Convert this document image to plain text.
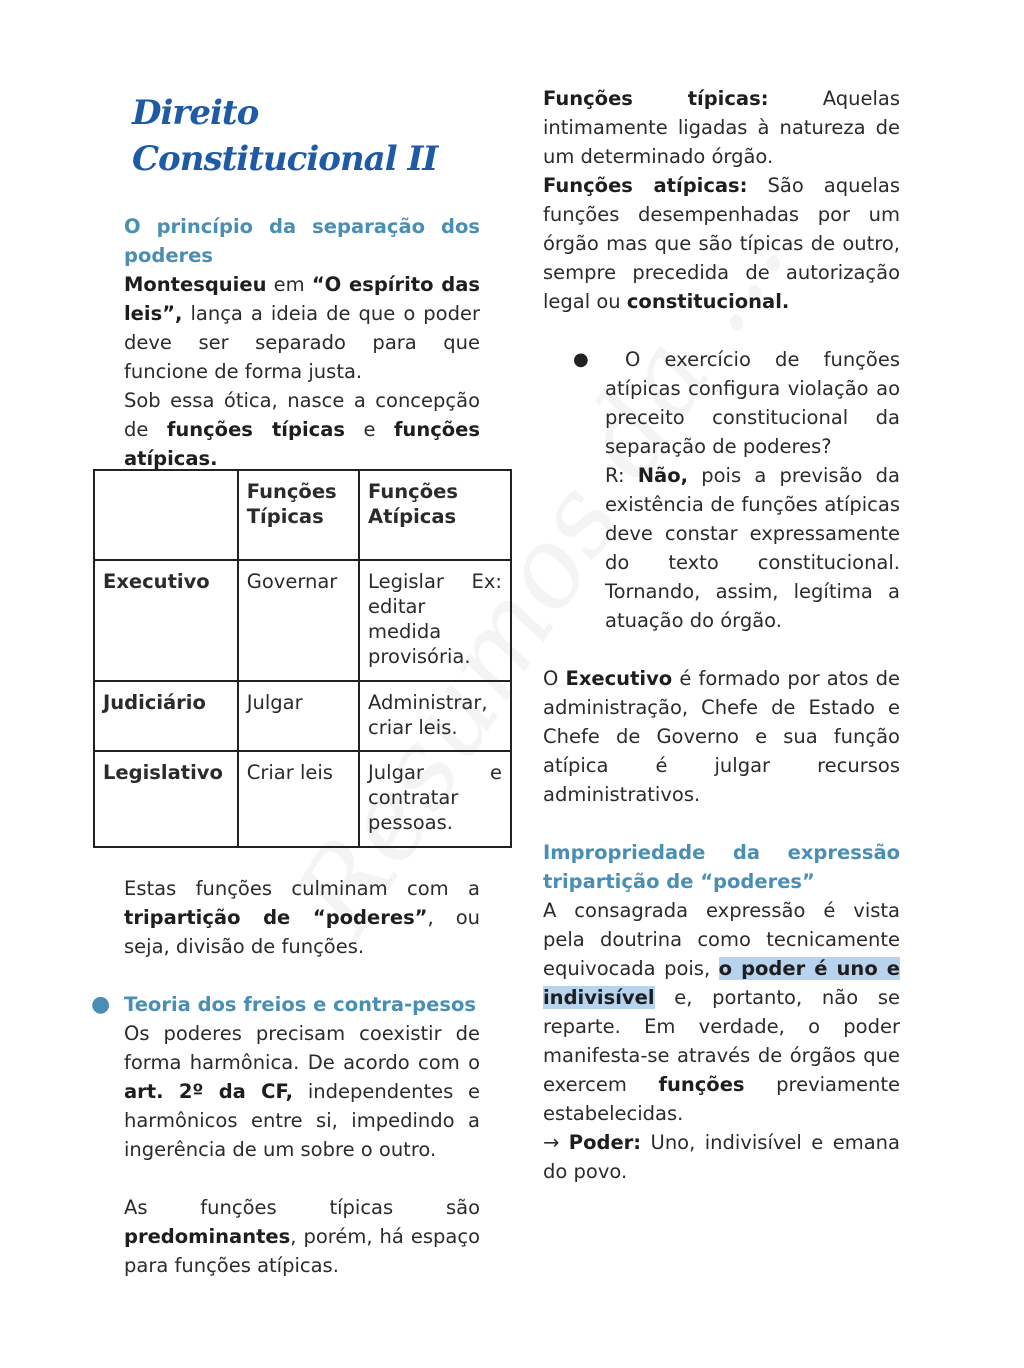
Direito Constitucional II
O princípio da separação dos poderes

Montesquieu em “O espírito das leis”, lança a ideia de que o poder deve ser separado para que funcione de forma justa.

Sob essa ótica, nasce a concepção de funções típicas e funções atípicas.

	Funções Típicas	Funções Atípicas
Executivo	Governar	Legislar Ex: editar medida provisória.
Judiciário	Julgar	Administrar, criar leis.
Legislativo	Criar leis	Julgar e contratar pessoas.

Estas funções culminam com a tripartição de “poderes”, ou seja, divisão de funções.

● Teoria dos freios e contra-pesos

Os poderes precisam coexistir de forma harmônica. De acordo com o art. 2º da CF, independentes e harmônicos entre si, impedindo a ingerência de um sobre o outro.

As funções típicas são predominantes, porém, há espaço para funções atípicas.

Funções típicas: Aquelas intimamente ligadas à natureza de um determinado órgão.

Funções atípicas: São aquelas funções desempenhadas por um órgão mas que são típicas de outro, sempre precedida de autorização legal ou constitucional.

●	O exercício de funções atípicas configura violação ao preceito constitucional da separação de poderes?

R: Não, pois a previsão da existência de funções atípicas deve constar expressamente do texto constitucional. Tornando, assim, legítima a atuação do órgão.

O Executivo é formado por atos de administração, Chefe de Estado e Chefe de Governo e sua função atípica é julgar recursos administrativos.

Impropriedade da expressão tripartição de “poderes”

A consagrada expressão é vista pela doutrina como tecnicamente equivocada pois, o poder é uno e indivisível e, portanto, não se reparte. Em verdade, o poder manifesta-se através de órgãos que exercem funções previamente estabelecidas.

→ Poder: Uno, indivisível e emana do povo.
